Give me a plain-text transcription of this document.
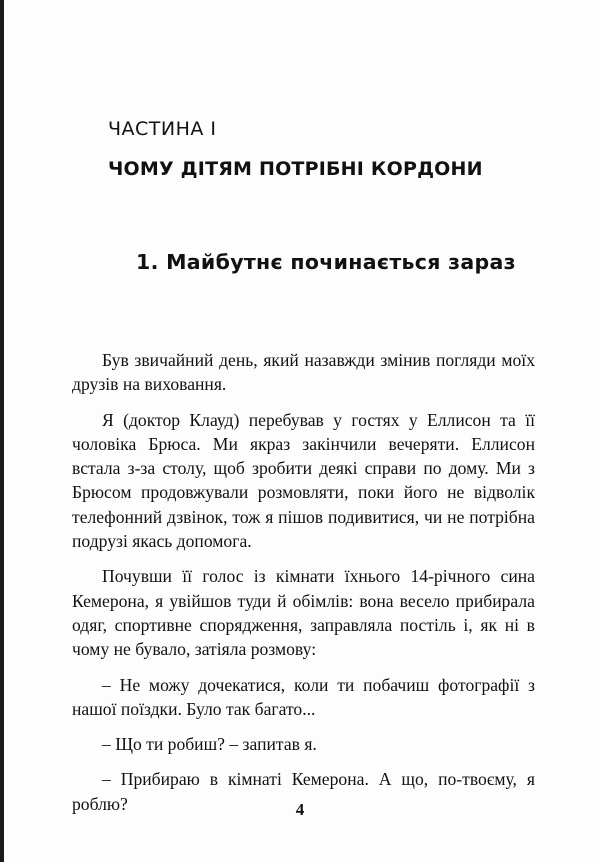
ЧАСТИНА І
ЧОМУ ДІТЯМ ПОТРІБНІ КОРДОНИ
1. Майбутнє починається зараз

Був звичайний день, який назавжди змінив погляди моїх друзів на виховання.

Я (доктор Клауд) перебував у гостях у Еллисон та її чоловіка Брюса. Ми якраз закінчили вечеряти. Еллисон встала з-за столу, щоб зробити деякі справи по дому. Ми з Брюсом продовжували розмовляти, поки його не відволік телефонний дзвінок, тож я пішов подивитися, чи не потрібна подрузі якась допомога.

Почувши її голос із кімнати їхнього 14-річного сина Кемерона, я увійшов туди й обімлів: вона весело прибирала одяг, спортивне спорядження, заправляла постіль і, як ні в чому не бувало, затіяла розмову:

– Не можу дочекатися, коли ти побачиш фотографії з нашої поїздки. Було так багато...

– Що ти робиш? – запитав я.

– Прибираю в кімнаті Кемерона. А що, по-твоєму, я роблю?	4
